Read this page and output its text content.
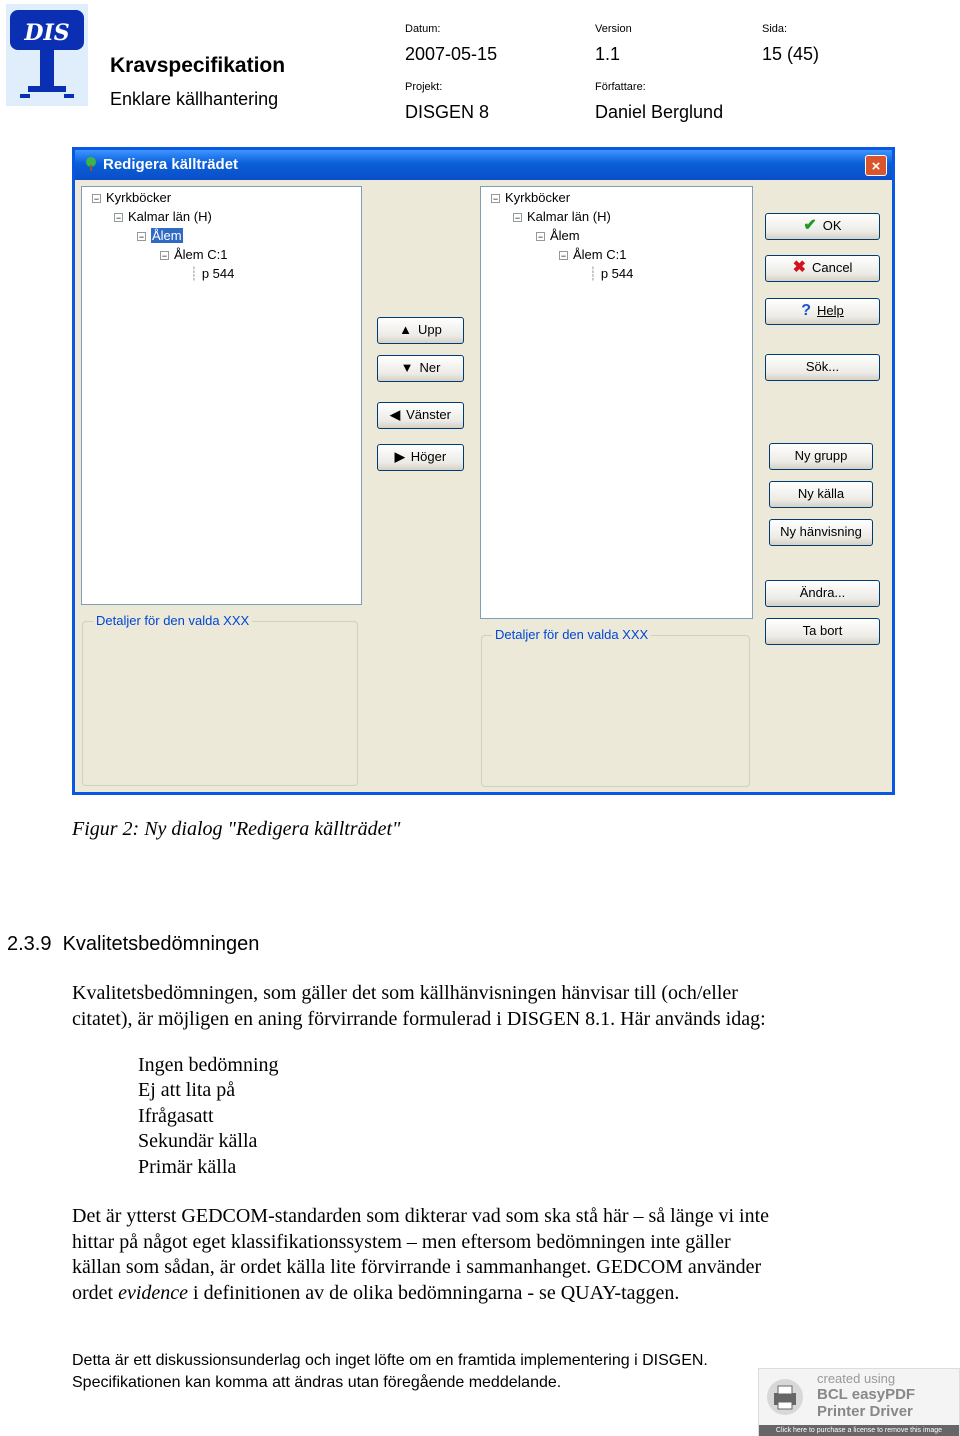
DIS
Kravspecifikation
Enklare källhantering
Datum:
2007-05-15
Version
1.1
Sida:
15 (45)
Projekt:
DISGEN 8
Författare:
Daniel Berglund
Redigera källträdet	×
− Kyrkböcker
− Kalmar län (H)
− Ålem
− Ålem C:1
┊ p 544
Detaljer för den valda XXX
▲ Upp
▼ Ner
◀ Vänster
▶ Höger
− Kyrkböcker
− Kalmar län (H)
− Ålem
− Ålem C:1
┊ p 544
Detaljer för den valda XXX
✔ OK
✖ Cancel
? Help
Sök...
Ny grupp
Ny källa
Ny hänvisning
Ändra...
Ta bort
Figur 2: Ny dialog "Redigera källträdet"
2.3.9  Kvalitetsbedömningen
Kvalitetsbedömningen, som gäller det som källhänvisningen hänvisar till (och/eller
citatet), är möjligen en aning förvirrande formulerad i DISGEN 8.1. Här används idag:
Ingen bedömning
Ej att lita på
Ifrågasatt
Sekundär källa
Primär källa
Det är ytterst GEDCOM-standarden som dikterar vad som ska stå här – så länge vi inte
hittar på något eget klassifikationssystem – men eftersom bedömningen inte gäller
källan som sådan, är ordet källa lite förvirrande i sammanhanget. GEDCOM använder
ordet evidence i definitionen av de olika bedömningarna - se QUAY-taggen.
Detta är ett diskussionsunderlag och inget löfte om en framtida implementering i DISGEN.
Specifikationen kan komma att ändras utan föregående meddelande.	created using
BCL easyPDF
Printer Driver
Click here to purchase a license to remove this image
